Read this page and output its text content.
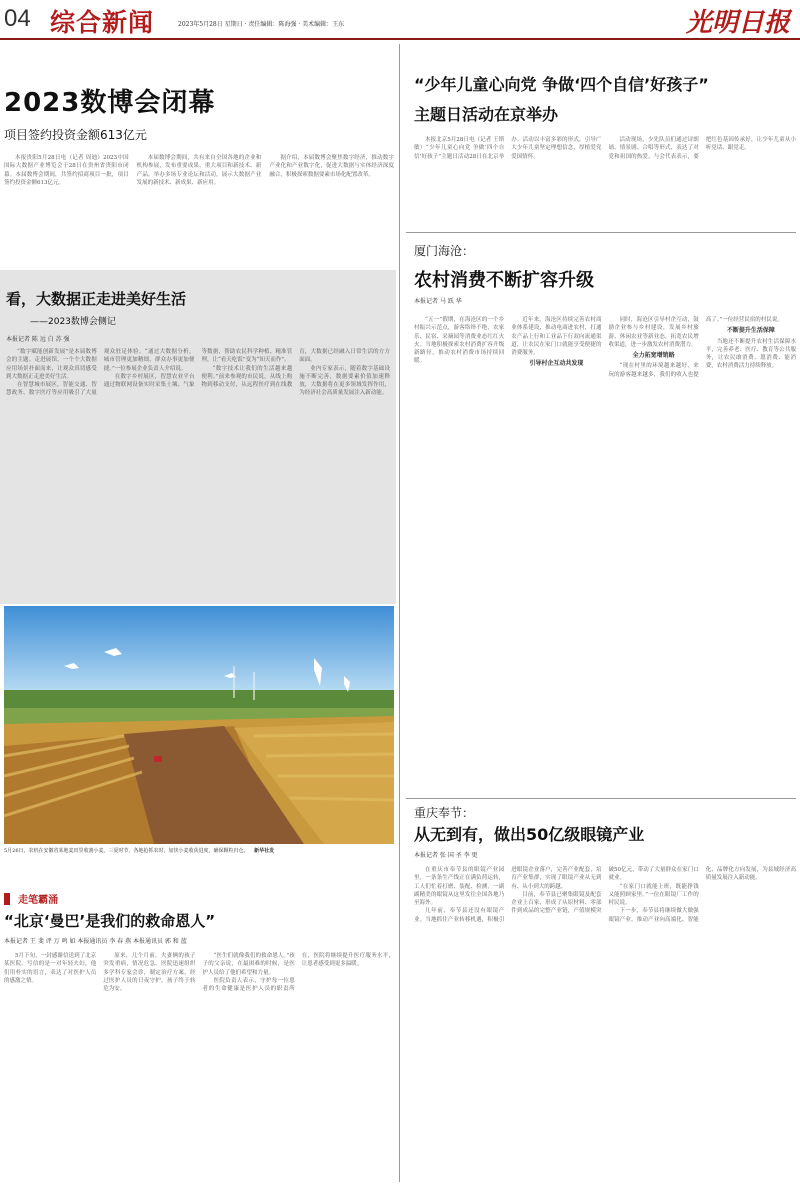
04 综合新闻	2023年5月28日 星期日 · 责任编辑：陈海强 · 美术编辑：王东	光明日报
2023数博会闭幕
项目签约投资金额613亿元

本报贵阳5月28日电（记者 周迪）2023中国国际大数据产业博览会于28日在贵州省贵阳市闭幕。本届数博会期间，共签约招商项目一批，项目签约投资金额613亿元。

本届数博会期间，共有来自全国各地的企业和机构参展，发布重要成果、重大项目和新技术、新产品，举办多场专业论坛和活动，展示大数据产业发展的新技术、新成果、新应用。

据介绍，本届数博会聚焦数字经济，推动数字产业化和产业数字化，促进大数据与实体经济深度融合，积极探索数据要素市场化配置改革。

看，大数据正走进美好生活
——2023数博会侧记
本报记者 陈 远 白 苏 强

“数字赋能创新发展”是本届数博会的主题。走进展馆，一个个大数据应用场景扑面而来，让观众真切感受到大数据正走进美好生活。

在智慧城市展区，智能交通、智慧政务、数字医疗等应用吸引了大量观众驻足体验。“通过大数据分析，城市管理更加精细，群众办事更加便捷。”一位参展企业负责人介绍说。

在数字乡村展区，智慧农业平台通过物联网设备实时采集土壤、气象等数据，帮助农民科学种植、精准管理，让“看天吃饭”变为“知天而作”。

“数字技术让我们的生活越来越便利。”前来参观的市民说，从线上购物到移动支付，从远程医疗到在线教育，大数据已经融入日常生活的方方面面。

业内专家表示，随着数字基础设施不断完善，数据要素价值加速释放，大数据将在更多领域发挥作用，为经济社会高质量发展注入新动能。

5月26日，农机在安徽省某地麦田里收割小麦。三夏时节，各地抢抓农时，加快小麦收获进度，确保颗粒归仓。 新华社发
走笔霸涌
“北京‘曼巴’是我们的救命恩人”
本报记者 王 斐 评 万 鸣 如 本报通讯员 李 春 燕 本报通讯员 郭 和 蓝

5月下旬，一封感谢信送到了北京某医院。写信的是一对年轻夫妇，他们用朴实的语言，表达了对医护人员的感激之情。

原来，几个月前，夫妻俩的孩子突发重病，情况危急。医院迅速组织多学科专家会诊，制定治疗方案，经过医护人员的日夜守护，孩子终于转危为安。

“医生们就像我们的救命恩人。”孩子的父亲说，在最困难的时候，是医护人员给了他们希望和力量。

医院负责人表示，守护每一位患者的生命健康是医护人员的职责所在，医院将继续提升医疗服务水平，让患者感受到更多温暖。

“少年儿童心向党 争做‘四个自信’好孩子”
主题日活动在京举办

本报北京5月28日电（记者 王斯敏）“少年儿童心向党 争做‘四个自信’好孩子”主题日活动28日在北京举办。活动以丰富多彩的形式，引导广大少年儿童坚定理想信念，厚植爱党爱国情怀。

活动现场，少先队员们通过诗朗诵、情景剧、合唱等形式，表达了对党和祖国的热爱。与会代表表示，要把红色基因传承好，让少年儿童从小听党话、跟党走。

厦门海沧：
农村消费不断扩容升级
本报记者 马 跃 华

“五一”假期，在海沧区的一个乡村振兴示范点，游客络绎不绝，农家乐、民宿、采摘园等消费业态红红火火。当地积极探索农村消费扩容升级新路径，推动农村消费市场持续回暖。

近年来，海沧区持续完善农村商业体系建设，推动电商进农村，打通农产品上行和工业品下行双向流通渠道，让农民在家门口就能享受便捷的消费服务。

引导村企互动共发现

同时，海沧区引导村企互动，鼓励企业参与乡村建设，发展乡村旅游、休闲农业等新业态，拓宽农民增收渠道，进一步激发农村消费潜力。

全力拓宽增销路

“现在村里的环境越来越好，来玩的游客越来越多，我们的收入也提高了。”一位经营民宿的村民说。

不断提升生活保障

当地还不断提升农村生活保障水平，完善养老、医疗、教育等公共服务，让农民敢消费、愿消费、能消费，农村消费活力持续释放。

重庆奉节：
从无到有，做出50亿级眼镜产业
本报记者 张 国 圣 李 更

在重庆市奉节县的眼镜产业园里，一条条生产线正在满负荷运转，工人们忙着打磨、装配、检测，一副副精美的眼镜从这里发往全国各地乃至海外。

几年前，奉节县还没有眼镜产业。当地抓住产业转移机遇，积极引进眼镜企业落户，完善产业配套，培育产业集群，实现了眼镜产业从无到有、从小到大的跨越。

目前，奉节县已聚集眼镜及配套企业上百家，形成了从原材料、零部件到成品的完整产业链，产值规模突破50亿元，带动了大量群众在家门口就业。

“在家门口就能上班，既能挣钱又能照顾家里。”一位在眼镜厂工作的村民说。

下一步，奉节县将继续做大做强眼镜产业，推动产业向高端化、智能化、品牌化方向发展，为县域经济高质量发展注入新动能。
